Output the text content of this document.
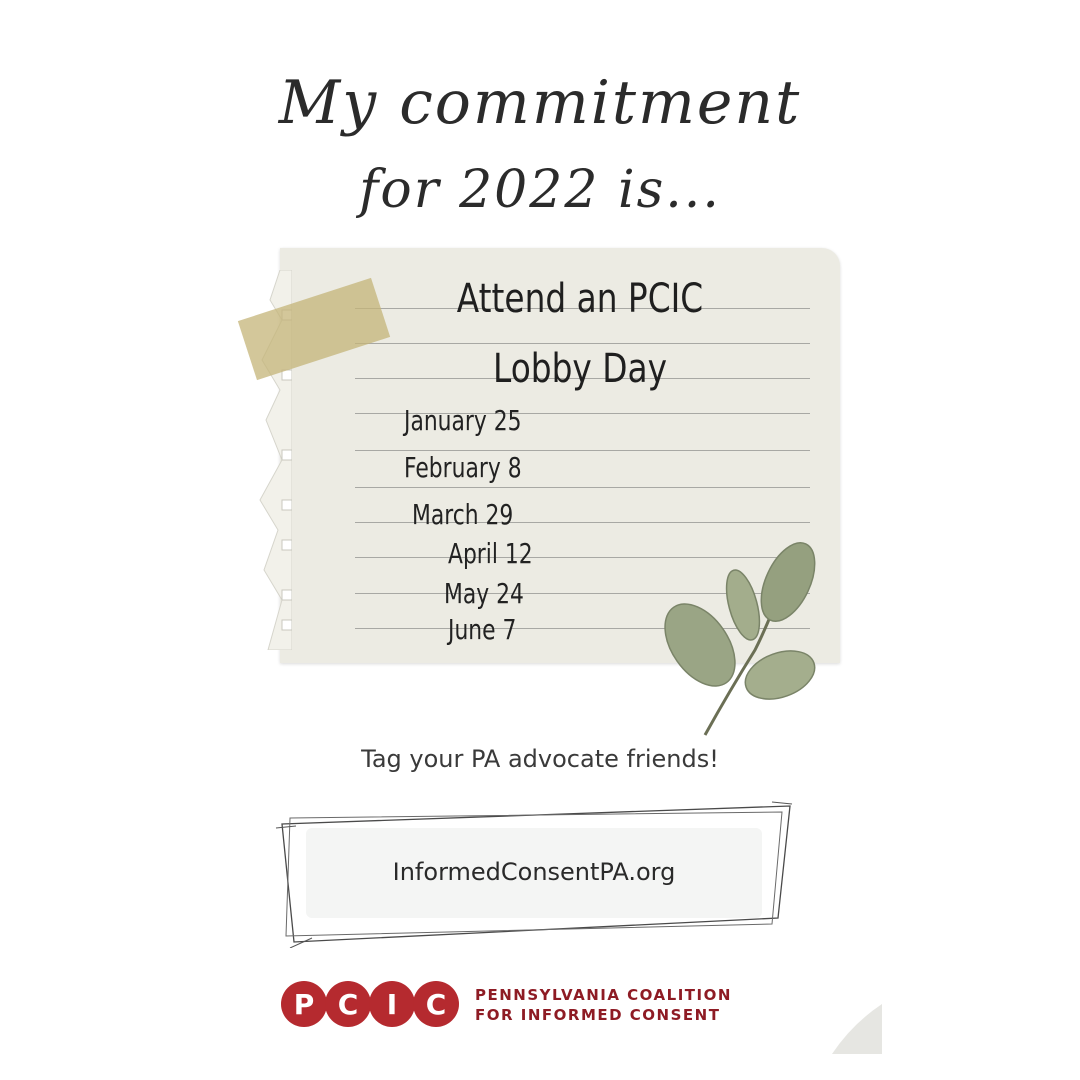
My commitment
for 2022 is...
Attend an PCIC
Lobby Day
January 25
February 8
March 29
April 12
May 24
June 7
Tag your PA advocate friends!
InformedConsentPA.org
P C I C PENNSYLVANIA COALITION
FOR INFORMED CONSENT
